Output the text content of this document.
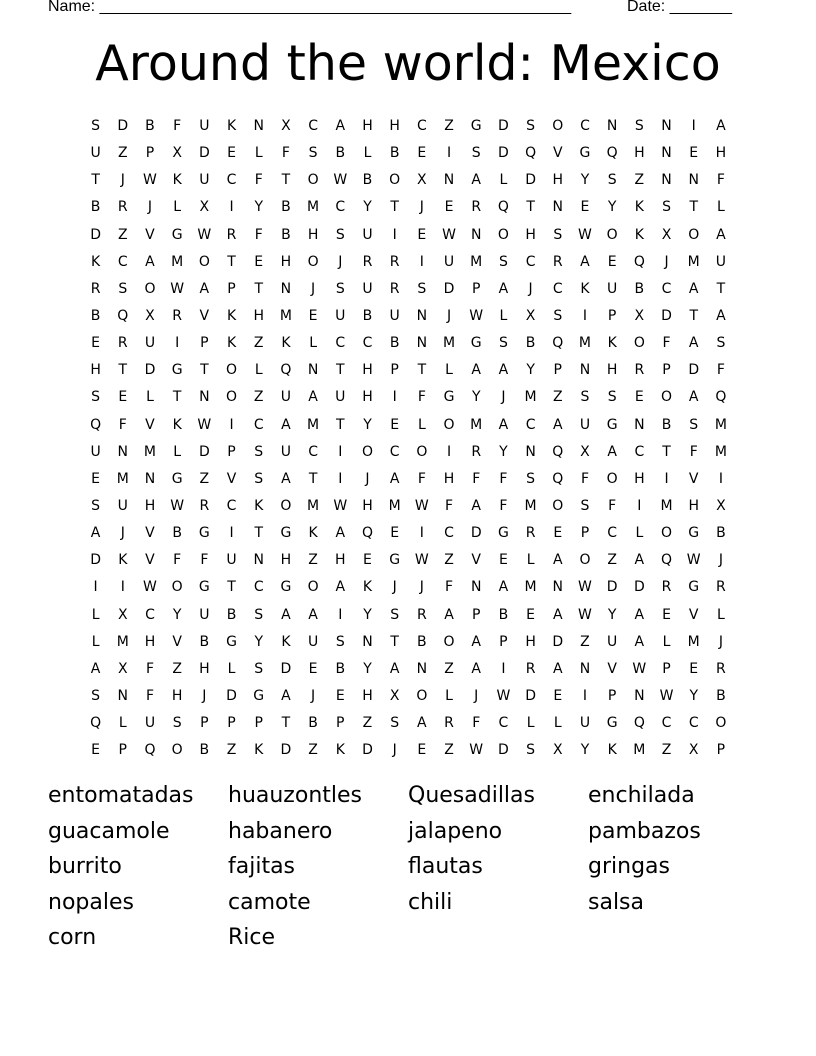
Name: _____________________________________________________	Date: _______
Around the world: Mexico
S	D	B	F	U	K	N	X	C	A	H	H	C	Z	G	D	S	O	C	N	S	N	I	A
U	Z	P	X	D	E	L	F	S	B	L	B	E	I	S	D	Q	V	G	Q	H	N	E	H
T	J	W	K	U	C	F	T	O	W	B	O	X	N	A	L	D	H	Y	S	Z	N	N	F
B	R	J	L	X	I	Y	B	M	C	Y	T	J	E	R	Q	T	N	E	Y	K	S	T	L
D	Z	V	G	W	R	F	B	H	S	U	I	E	W	N	O	H	S	W	O	K	X	O	A
K	C	A	M	O	T	E	H	O	J	R	R	I	U	M	S	C	R	A	E	Q	J	M	U
R	S	O	W	A	P	T	N	J	S	U	R	S	D	P	A	J	C	K	U	B	C	A	T
B	Q	X	R	V	K	H	M	E	U	B	U	N	J	W	L	X	S	I	P	X	D	T	A
E	R	U	I	P	K	Z	K	L	C	C	B	N	M	G	S	B	Q	M	K	O	F	A	S
H	T	D	G	T	O	L	Q	N	T	H	P	T	L	A	A	Y	P	N	H	R	P	D	F
S	E	L	T	N	O	Z	U	A	U	H	I	F	G	Y	J	M	Z	S	S	E	O	A	Q
Q	F	V	K	W	I	C	A	M	T	Y	E	L	O	M	A	C	A	U	G	N	B	S	M
U	N	M	L	D	P	S	U	C	I	O	C	O	I	R	Y	N	Q	X	A	C	T	F	M
E	M	N	G	Z	V	S	A	T	I	J	A	F	H	F	F	S	Q	F	O	H	I	V	I
S	U	H	W	R	C	K	O	M	W	H	M	W	F	A	F	M	O	S	F	I	M	H	X
A	J	V	B	G	I	T	G	K	A	Q	E	I	C	D	G	R	E	P	C	L	O	G	B
D	K	V	F	F	U	N	H	Z	H	E	G	W	Z	V	E	L	A	O	Z	A	Q	W	J
I	I	W	O	G	T	C	G	O	A	K	J	J	F	N	A	M	N	W	D	D	R	G	R
L	X	C	Y	U	B	S	A	A	I	Y	S	R	A	P	B	E	A	W	Y	A	E	V	L
L	M	H	V	B	G	Y	K	U	S	N	T	B	O	A	P	H	D	Z	U	A	L	M	J
A	X	F	Z	H	L	S	D	E	B	Y	A	N	Z	A	I	R	A	N	V	W	P	E	R
S	N	F	H	J	D	G	A	J	E	H	X	O	L	J	W	D	E	I	P	N	W	Y	B
Q	L	U	S	P	P	P	T	B	P	Z	S	A	R	F	C	L	L	U	G	Q	C	C	O
E	P	Q	O	B	Z	K	D	Z	K	D	J	E	Z	W	D	S	X	Y	K	M	Z	X	P
entomatadas	huauzontles	Quesadillas	enchilada
guacamole	habanero	jalapeno	pambazos
burrito	fajitas	flautas	gringas
nopales	camote	chili	salsa
corn	Rice
